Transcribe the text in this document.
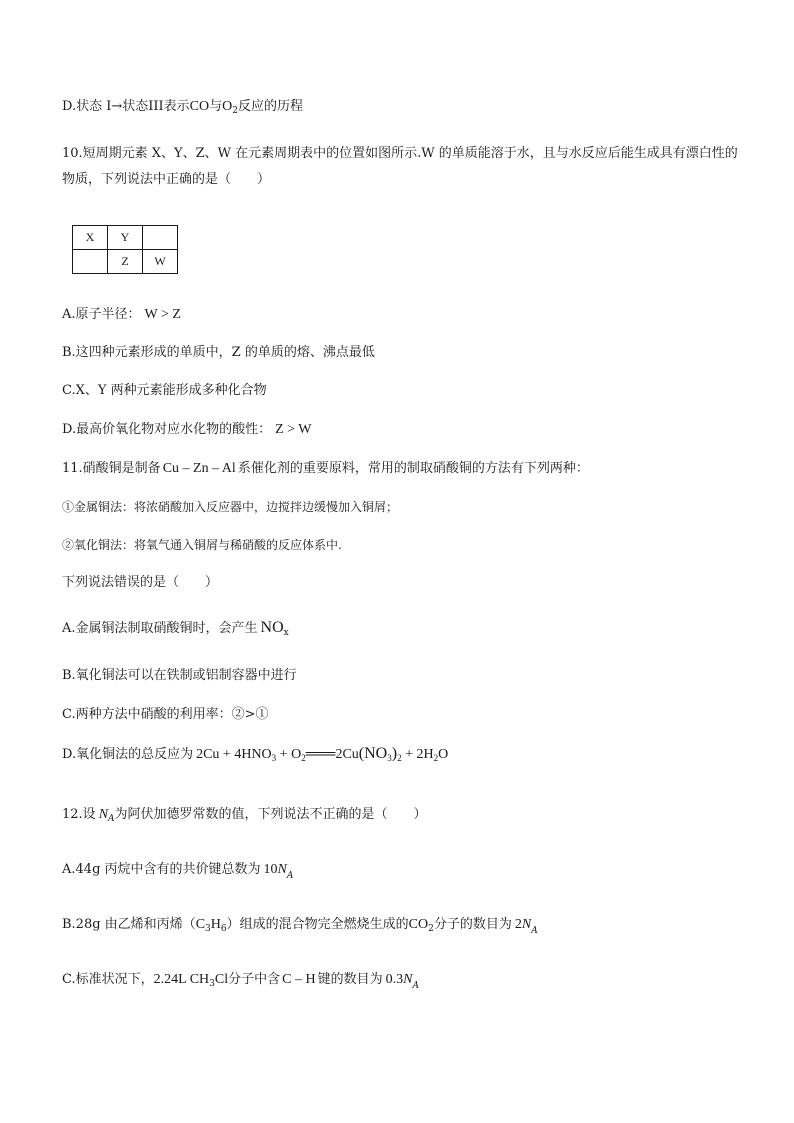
D.状态 I→状态III表示CO与$O_2$反应的历程
10.短周期元素 X、Y、Z、W 在元素周期表中的位置如图所示.W 的单质能溶于水，且与水反应后能生成具有漂白性的物质，下列说法中正确的是（　　）
X	Y	
	Z	W
A.原子半径： W > Z
B.这四种元素形成的单质中，Z 的单质的熔、沸点最低
C.X、Y 两种元素能形成多种化合物
D.最高价氧化物对应水化物的酸性： Z > W
11.硝酸铜是制备 Cu – Zn – Al 系催化剂的重要原料，常用的制取硝酸铜的方法有下列两种：
①金属铜法：将浓硝酸加入反应器中，边搅拌边缓慢加入铜屑；
②氧化铜法：将氧气通入铜屑与稀硝酸的反应体系中.
下列说法错误的是（　　）
A.金属铜法制取硝酸铜时，会产生 $NO_x$
B.氧化铜法可以在铁制或铝制容器中进行
C.两种方法中硝酸的利用率：②>①
D.氧化铜法的总反应为 $2Cu + 4HNO_3$ + $O_2═══2Cu(NO_3)_2 + 2H_2O$
12.设 $N_A$为阿伏加德罗常数的值，下列说法不正确的是（　　）
A.44g 丙烷中含有的共价键总数为 $10N_A$
B.28g 由乙烯和丙烯$(C_3H_6)$组成的混合物完全燃烧生成的$CO_2$分子的数目为 $2N_A$
C.标准状况下，2.24L $CH_3Cl$分子中含 C – H 键的数目为 $0.3N_A$
